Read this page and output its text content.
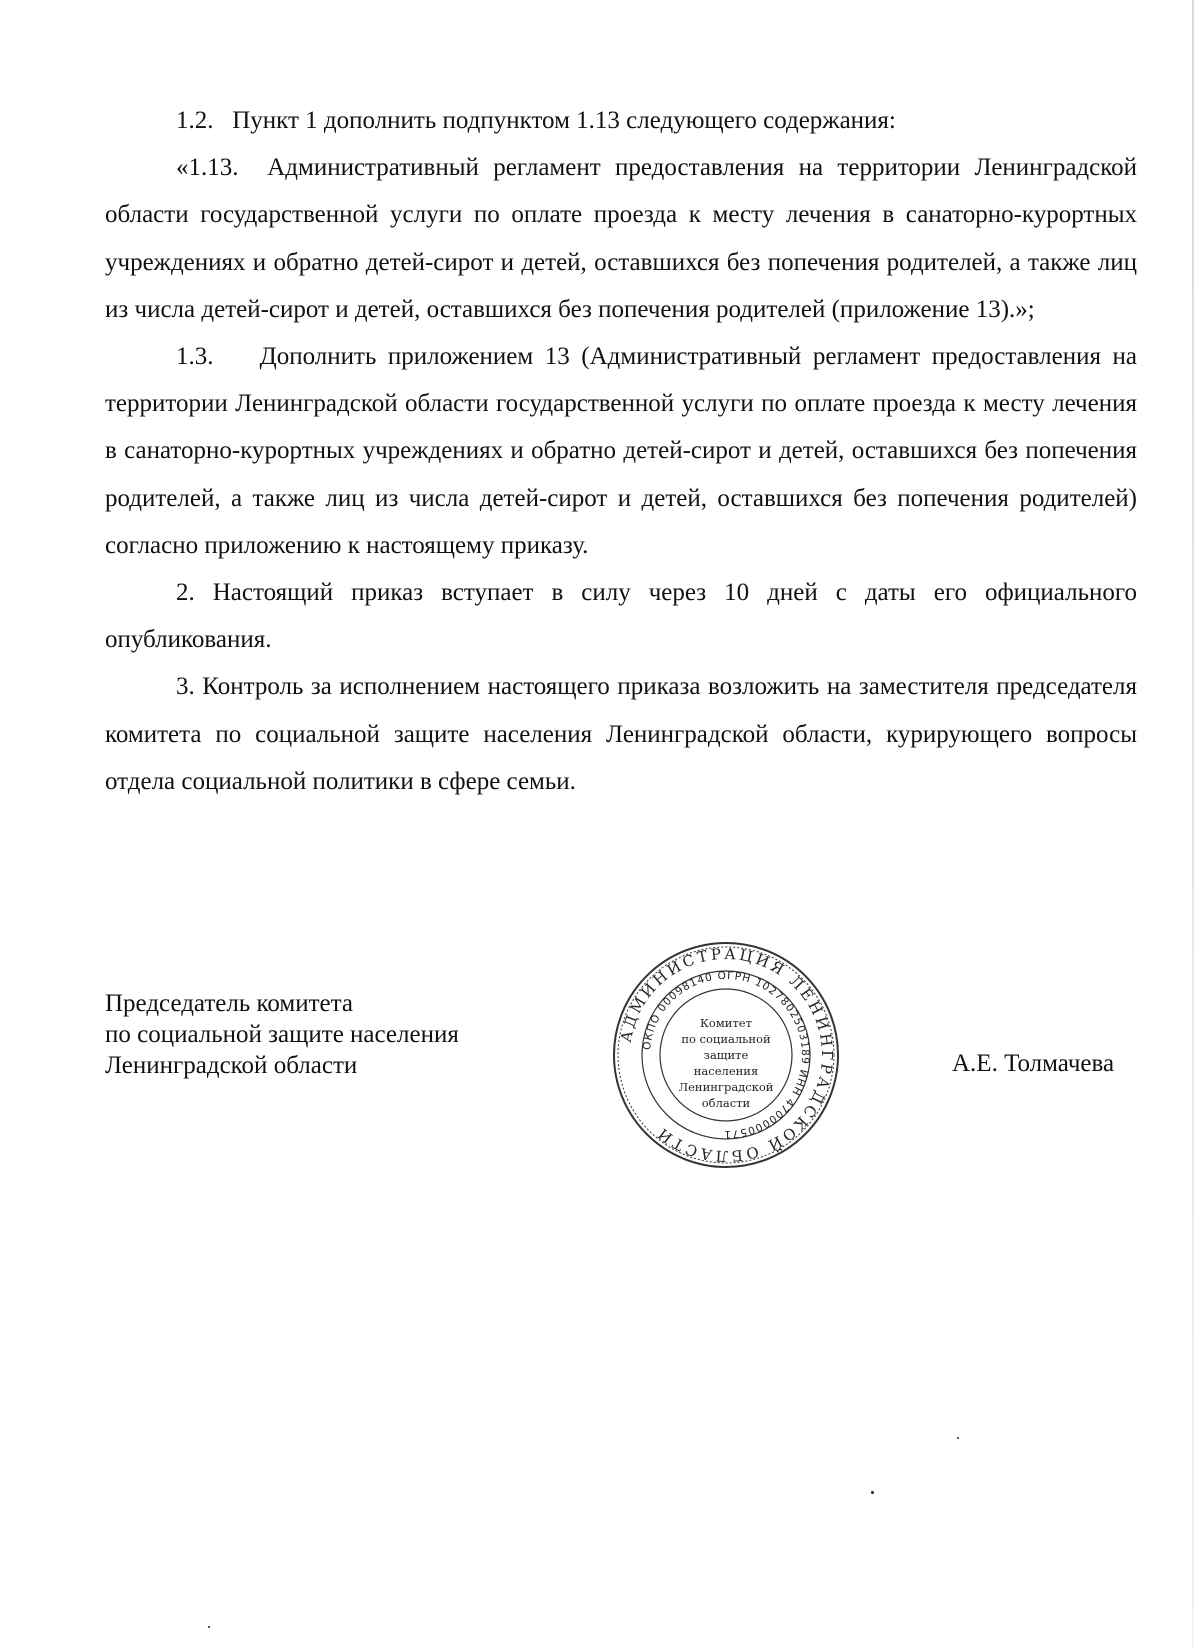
1.2.   Пункт 1 дополнить подпунктом 1.13 следующего содержания:

«1.13.  Административный регламент предоставления на территории Ленинградской области государственной услуги по оплате проезда к месту лечения в санаторно-курортных учреждениях и обратно детей-сирот и детей, оставшихся без попечения родителей, а также лиц из числа детей-сирот и детей, оставшихся без попечения родителей (приложение 13).»;

1.3.    Дополнить приложением 13 (Административный регламент предоставления на территории Ленинградской области государственной услуги по оплате проезда к месту лечения в санаторно-курортных учреждениях и обратно детей-сирот и детей, оставшихся без попечения родителей, а также лиц из числа детей-сирот и детей, оставшихся без попечения родителей) согласно приложению к настоящему приказу.

2. Настоящий приказ вступает в силу через 10 дней с даты его официального опубликования.

3. Контроль за исполнением настоящего приказа возложить на заместителя председателя комитета по социальной защите населения Ленинградской области, курирующего вопросы отдела социальной политики в сфере семьи.

Председатель комитета
по социальной защите населения
Ленинградской области
АДМИНИСТРАЦИЯ ЛЕНИНГРАДСКОЙ ОБЛАСТИ
ОКПО 00098140 ОГРН 1027802503189 ИНН 4700000571
Комитет
по социальной
защите
населения
Ленинградской
области
А.Е. Толмачева
